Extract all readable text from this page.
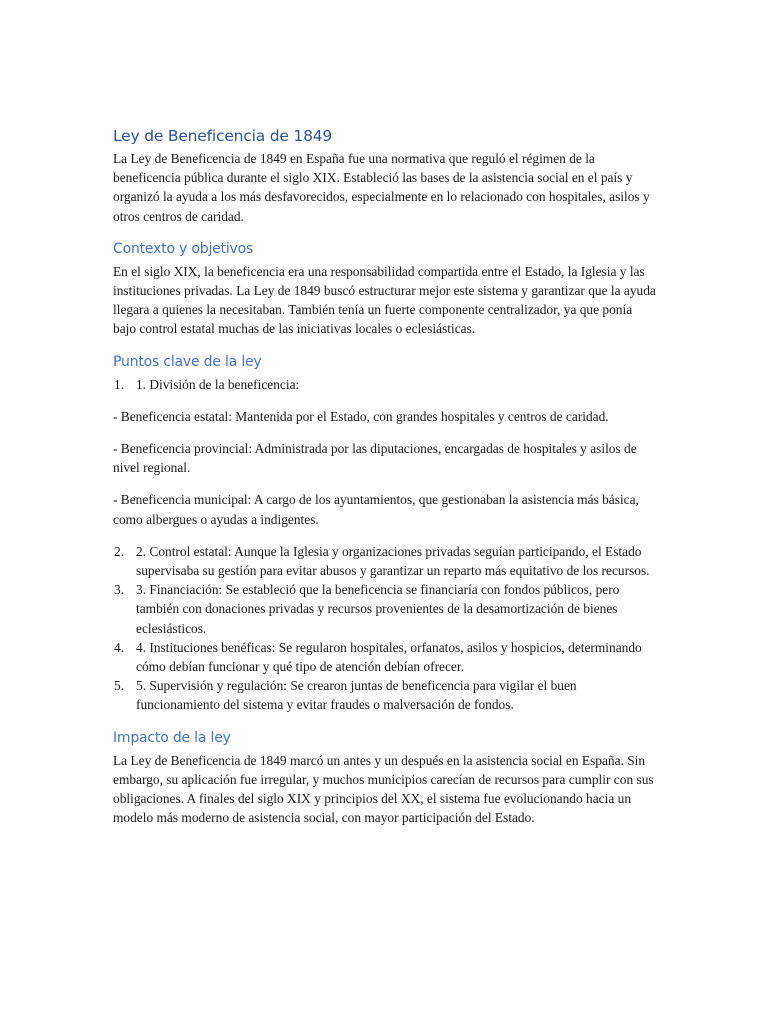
Ley de Beneficencia de 1849

La Ley de Beneficencia de 1849 en España fue una normativa que reguló el régimen de la beneficencia pública durante el siglo XIX. Estableció las bases de la asistencia social en el país y organizó la ayuda a los más desfavorecidos, especialmente en lo relacionado con hospitales, asilos y otros centros de caridad.

Contexto y objetivos

En el siglo XIX, la beneficencia era una responsabilidad compartida entre el Estado, la Iglesia y las instituciones privadas. La Ley de 1849 buscó estructurar mejor este sistema y garantizar que la ayuda llegara a quienes la necesitaban. También tenía un fuerte componente centralizador, ya que ponía bajo control estatal muchas de las iniciativas locales o eclesiásticas.

Puntos clave de la ley
1. 1. División de la beneficencia:

- Beneficencia estatal: Mantenida por el Estado, con grandes hospitales y centros de caridad.

- Beneficencia provincial: Administrada por las diputaciones, encargadas de hospitales y asilos de nivel regional.

- Beneficencia municipal: A cargo de los ayuntamientos, que gestionaban la asistencia más básica, como albergues o ayudas a indigentes.

2. 2. Control estatal: Aunque la Iglesia y organizaciones privadas seguían participando, el Estado supervisaba su gestión para evitar abusos y garantizar un reparto más equitativo de los recursos.
3. 3. Financiación: Se estableció que la beneficencia se financiaría con fondos públicos, pero también con donaciones privadas y recursos provenientes de la desamortización de bienes eclesiásticos.
4. 4. Instituciones benéficas: Se regularon hospitales, orfanatos, asilos y hospicios, determinando cómo debían funcionar y qué tipo de atención debían ofrecer.
5. 5. Supervisión y regulación: Se crearon juntas de beneficencia para vigilar el buen funcionamiento del sistema y evitar fraudes o malversación de fondos.
Impacto de la ley

La Ley de Beneficencia de 1849 marcó un antes y un después en la asistencia social en España. Sin embargo, su aplicación fue irregular, y muchos municipios carecían de recursos para cumplir con sus obligaciones. A finales del siglo XIX y principios del XX, el sistema fue evolucionando hacia un modelo más moderno de asistencia social, con mayor participación del Estado.
